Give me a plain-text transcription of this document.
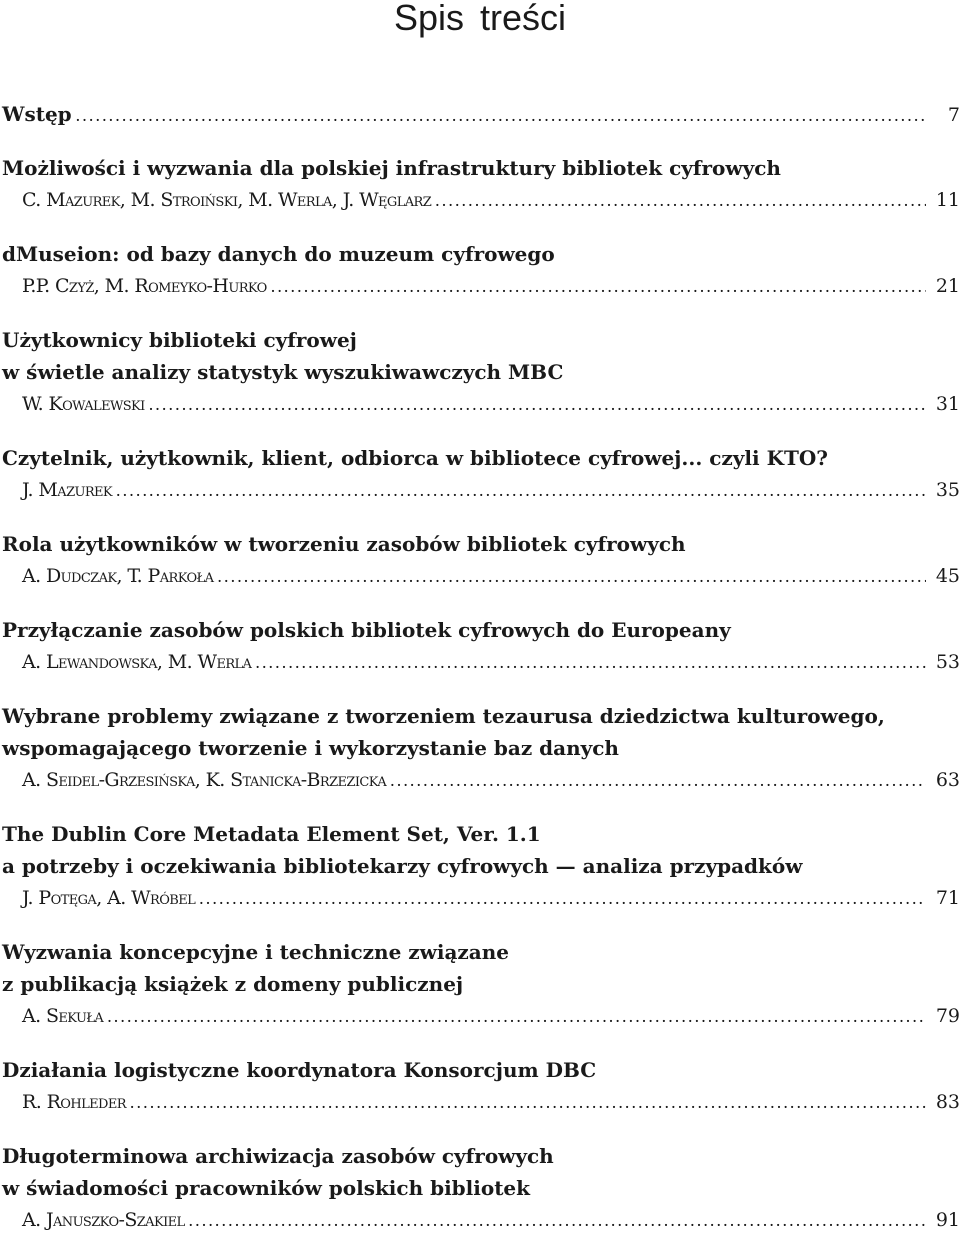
Spis treści
Wstęp . . .	7
Możliwości i wyzwania dla polskiej infrastruktury bibliotek cyfrowych
C. Mazurek, M. Stroiński, M. Werla, J. Węglarz . . .	11
dMuseion: od bazy danych do muzeum cyfrowego
P.P. Czyż, M. Romeyko-Hurko . . .	21
Użytkownicy biblioteki cyfrowej
w świetle analizy statystyk wyszukiwawczych MBC
W. Kowalewski . . .	31
Czytelnik, użytkownik, klient, odbiorca w bibliotece cyfrowej... czyli KTO?
J. Mazurek . . .	35
Rola użytkowników w tworzeniu zasobów bibliotek cyfrowych
A. Dudczak, T. Parkoła . . .	45
Przyłączanie zasobów polskich bibliotek cyfrowych do Europeany
A. Lewandowska, M. Werla . . .	53
Wybrane problemy związane z tworzeniem tezaurusa dziedzictwa kulturowego,
wspomagającego tworzenie i wykorzystanie baz danych
A. Seidel-Grzesińska, K. Stanicka-Brzezicka . . .	63
The Dublin Core Metadata Element Set, Ver. 1.1
a potrzeby i oczekiwania bibliotekarzy cyfrowych — analiza przypadków
J. Potęga, A. Wróbel . . .	71
Wyzwania koncepcyjne i techniczne związane
z publikacją książek z domeny publicznej
A. Sekuła . . .	79
Działania logistyczne koordynatora Konsorcjum DBC
R. Rohleder . . .	83
Długoterminowa archiwizacja zasobów cyfrowych
w świadomości pracowników polskich bibliotek
A. Januszko-Szakiel . . .	91
